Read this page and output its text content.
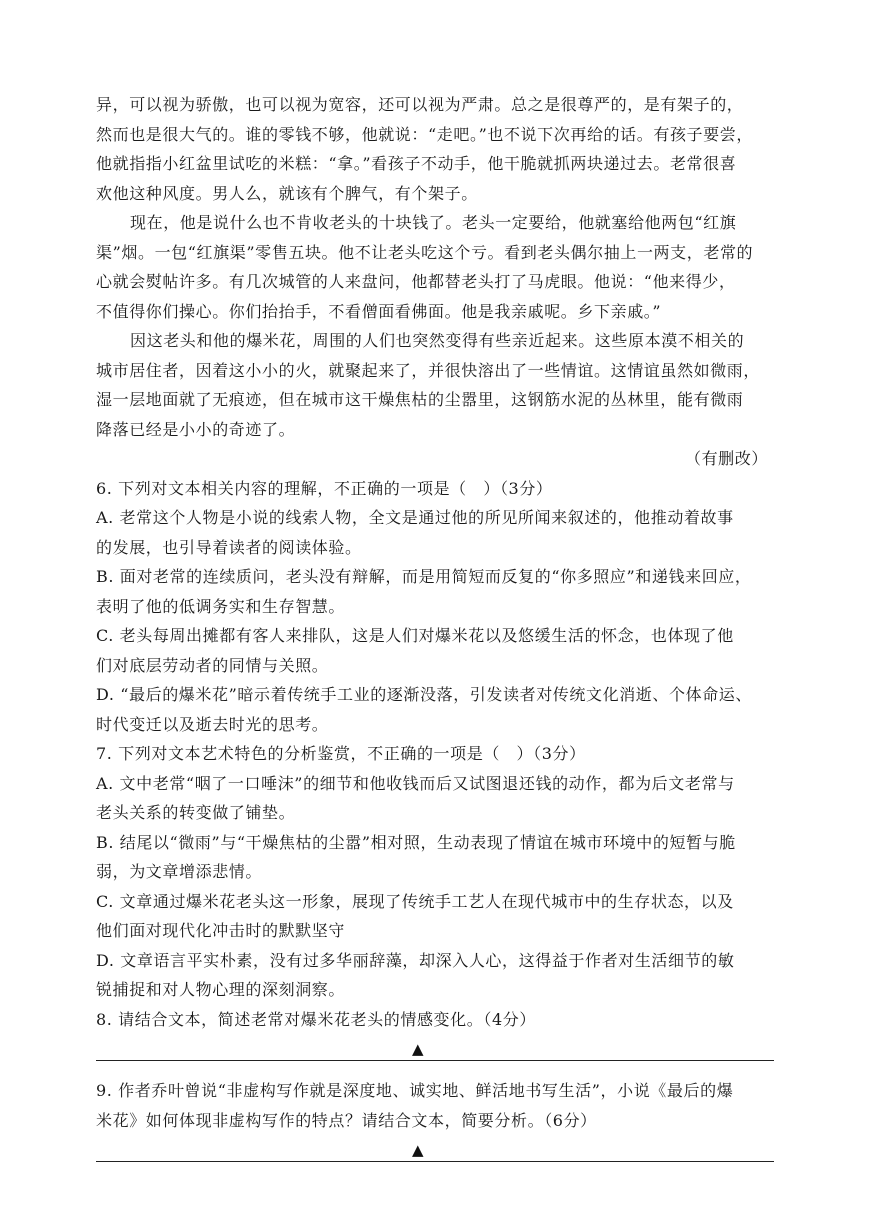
异，可以视为骄傲，也可以视为宽容，还可以视为严肃。总之是很尊严的，是有架子的，

然而也是很大气的。谁的零钱不够，他就说：“走吧。”也不说下次再给的话。有孩子要尝，

他就指指小红盆里试吃的米糕：“拿。”看孩子不动手，他干脆就抓两块递过去。老常很喜

欢他这种风度。男人么，就该有个脾气，有个架子。

现在，他是说什么也不肯收老头的十块钱了。老头一定要给，他就塞给他两包“红旗

渠”烟。一包“红旗渠”零售五块。他不让老头吃这个亏。看到老头偶尔抽上一两支，老常的

心就会熨帖许多。有几次城管的人来盘问，他都替老头打了马虎眼。他说：“他来得少，

不值得你们操心。你们抬抬手，不看僧面看佛面。他是我亲戚呢。乡下亲戚。”

因这老头和他的爆米花，周围的人们也突然变得有些亲近起来。这些原本漠不相关的

城市居住者，因着这小小的火，就聚起来了，并很快溶出了一些情谊。这情谊虽然如微雨，

湿一层地面就了无痕迹，但在城市这干燥焦枯的尘嚣里，这钢筋水泥的丛林里，能有微雨

降落已经是小小的奇迹了。

（有删改）

6. 下列对文本相关内容的理解，不正确的一项是（　）（3分）

A. 老常这个人物是小说的线索人物，全文是通过他的所见所闻来叙述的，他推动着故事

的发展，也引导着读者的阅读体验。

B. 面对老常的连续质问，老头没有辩解，而是用简短而反复的“你多照应”和递钱来回应，

表明了他的低调务实和生存智慧。

C. 老头每周出摊都有客人来排队，这是人们对爆米花以及悠缓生活的怀念，也体现了他

们对底层劳动者的同情与关照。

D. “最后的爆米花”暗示着传统手工业的逐渐没落，引发读者对传统文化消逝、个体命运、

时代变迁以及逝去时光的思考。

7. 下列对文本艺术特色的分析鉴赏，不正确的一项是（　）（3分）

A. 文中老常“咽了一口唾沫”的细节和他收钱而后又试图退还钱的动作，都为后文老常与

老头关系的转变做了铺垫。

B. 结尾以“微雨”与“干燥焦枯的尘嚣”相对照，生动表现了情谊在城市环境中的短暂与脆

弱，为文章增添悲情。

C. 文章通过爆米花老头这一形象，展现了传统手工艺人在现代城市中的生存状态，以及

他们面对现代化冲击时的默默坚守

D. 文章语言平实朴素，没有过多华丽辞藻，却深入人心，这得益于作者对生活细节的敏

锐捕捉和对人物心理的深刻洞察。

8. 请结合文本，简述老常对爆米花老头的情感变化。（4分）

▲

9. 作者乔叶曾说“非虚构写作就是深度地、诚实地、鲜活地书写生活”，小说《最后的爆

米花》如何体现非虚构写作的特点？请结合文本，简要分析。（6分）

▲
